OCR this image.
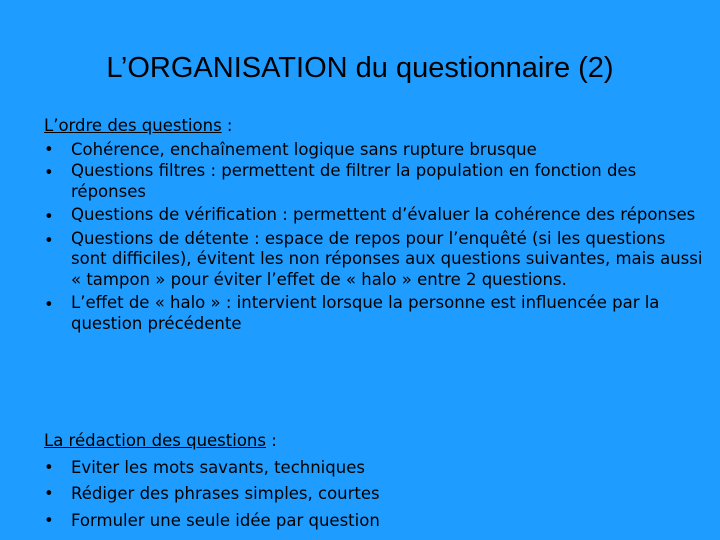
L’ORGANISATION du questionnaire (2)
L’ordre des questions :
•	Cohérence, enchaînement logique sans rupture brusque
•	Questions filtres : permettent de filtrer la population en fonction des réponses
•	Questions de vérification : permettent d’évaluer la cohérence des réponses
•	Questions de détente : espace de repos pour l’enquêté (si les questions sont difficiles), évitent les non réponses aux questions suivantes, mais aussi « tampon » pour éviter l’effet de « halo » entre 2 questions.
•	L’effet de « halo » : intervient lorsque la personne est influencée par la question précédente
La rédaction des questions :
•	Eviter les mots savants, techniques
•	Rédiger des phrases simples, courtes
•	Formuler une seule idée par question
